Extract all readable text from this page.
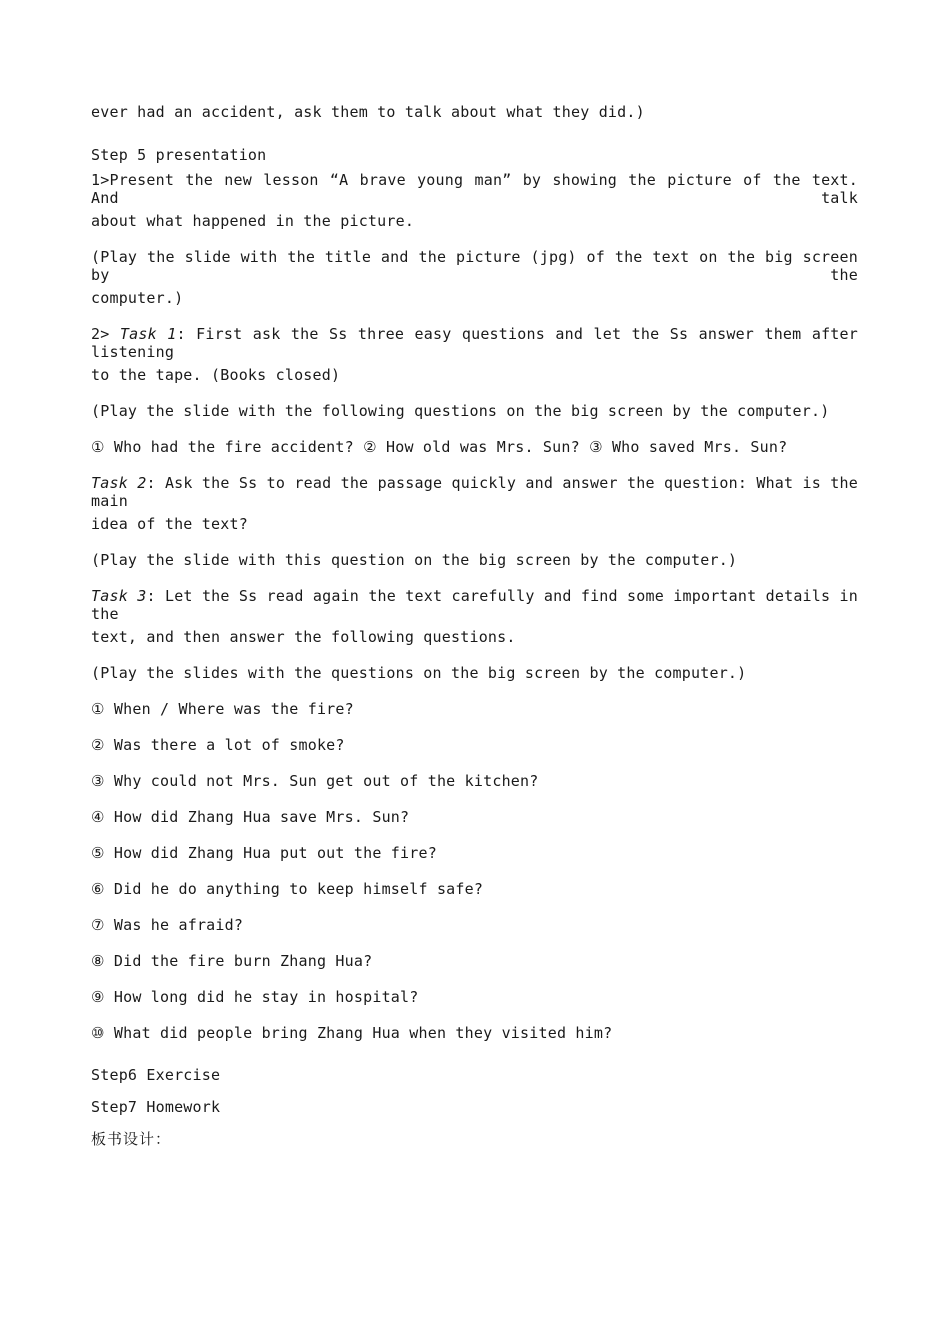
ever had an accident, ask them to talk about what they did.)
Step 5 presentation
1>Present the new lesson “A brave young man” by showing the picture of the text. And talk
about what happened in the picture.
(Play the slide with the title and the picture (jpg) of the text on the big screen by the
computer.)
2> Task 1: First ask the Ss three easy questions and let the Ss answer them after listening
to the tape. (Books closed)
(Play the slide with the following questions on the big screen by the computer.)
① Who had the fire accident? ② How old was Mrs. Sun? ③ Who saved Mrs. Sun?
Task 2: Ask the Ss to read the passage quickly and answer the question: What is the main
idea of the text?
(Play the slide with this question on the big screen by the computer.)
Task 3: Let the Ss read again the text carefully and find some important details in the
text, and then answer the following questions.
(Play the slides with the questions on the big screen by the computer.)
① When / Where was the fire?
② Was there a lot of smoke?
③ Why could not Mrs. Sun get out of the kitchen?
④ How did Zhang Hua save Mrs. Sun?
⑤ How did Zhang Hua put out the fire?
⑥ Did he do anything to keep himself safe?
⑦ Was he afraid?
⑧ Did the fire burn Zhang Hua?
⑨ How long did he stay in hospital?
⑩ What did people bring Zhang Hua when they visited him?
Step6 Exercise
Step7 Homework
板书设计：
